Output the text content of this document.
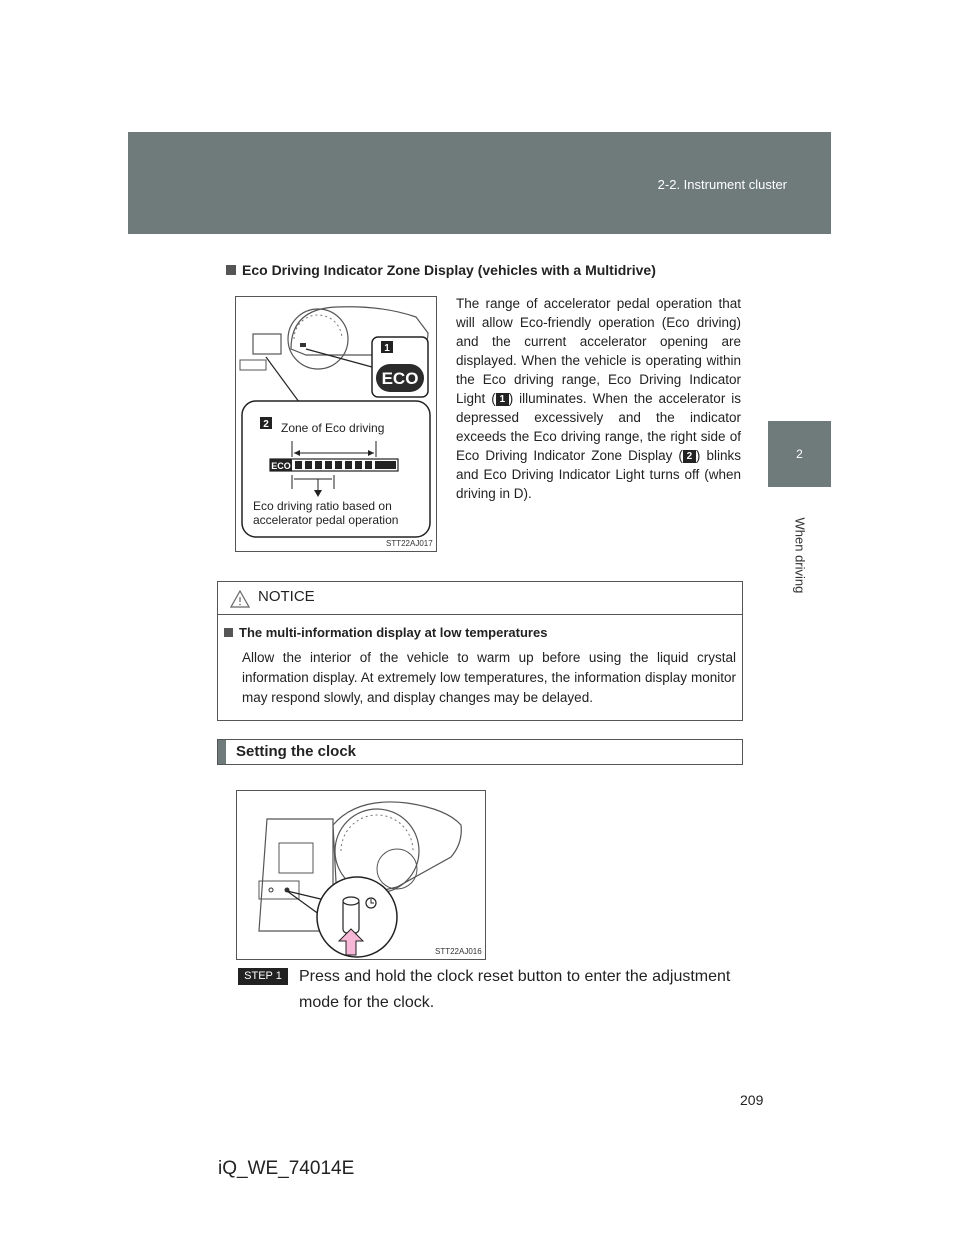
2-2. Instrument cluster
2
When driving
Eco Driving Indicator Zone Display (vehicles with a Multidrive)
1
ECO
2 Zone of Eco driving
ECO
Eco driving ratio based on
accelerator pedal operation
STT22AJ017
The range of accelerator pedal operation that will allow Eco-friendly operation (Eco driving) and the current accelerator opening are displayed. When the vehicle is operating within the Eco driving range, Eco Driving Indicator Light ( 1 ) illuminates. When the accelerator is depressed excessively and the indicator exceeds the Eco driving range, the right side of Eco Driving Indicator Zone Display ( 2 ) blinks and Eco Driving Indicator Light turns off (when driving in D).
NOTICE
The multi-information display at low temperatures
Allow the interior of the vehicle to warm up before using the liquid crystal information display. At extremely low temperatures, the information display monitor may respond slowly, and display changes may be delayed.
Setting the clock
STT22AJ016
STEP 1	Press and hold the clock reset button to enter the adjustment mode for the clock.
209
iQ_WE_74014E
